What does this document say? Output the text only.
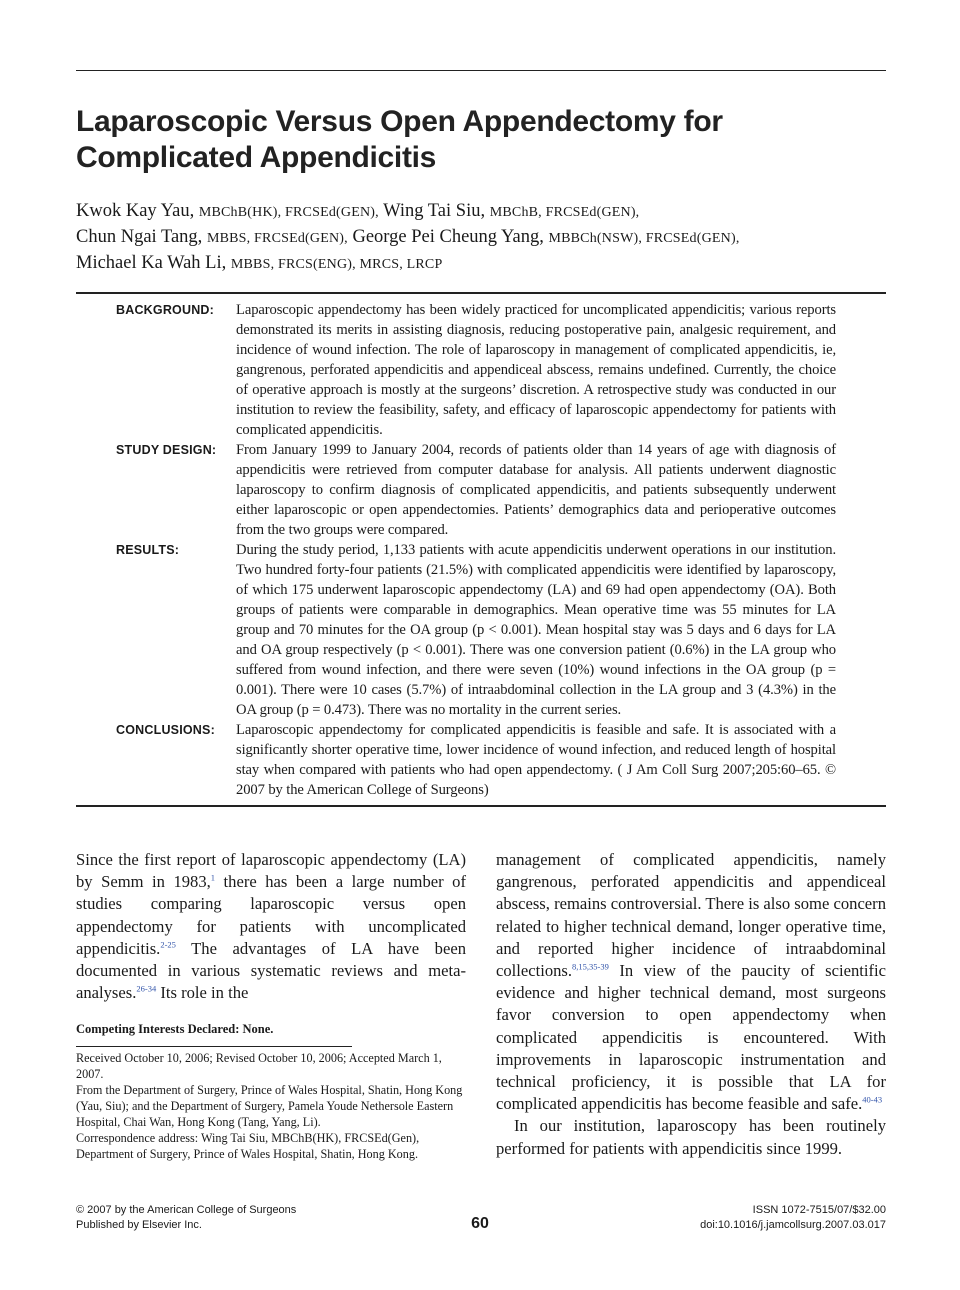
Laparoscopic Versus Open Appendectomy for
Complicated Appendicitis
Kwok Kay Yau, MBChB(HK), FRCSEd(GEN), Wing Tai Siu, MBChB, FRCSEd(GEN),
Chun Ngai Tang, MBBS, FRCSEd(GEN), George Pei Cheung Yang, MBBCh(NSW), FRCSEd(GEN),
Michael Ka Wah Li, MBBS, FRCS(ENG), MRCS, LRCP
BACKGROUND:	Laparoscopic appendectomy has been widely practiced for uncomplicated appendicitis; various reports demonstrated its merits in assisting diagnosis, reducing postoperative pain, analgesic requirement, and incidence of wound infection. The role of laparoscopy in management of complicated appendicitis, ie, gangrenous, perforated appendicitis and appendiceal abscess, remains undefined. Currently, the choice of operative approach is mostly at the surgeons’ discretion. A retrospective study was conducted in our institution to review the feasibility, safety, and efficacy of laparoscopic appendectomy for patients with complicated appendicitis.
STUDY DESIGN:	From January 1999 to January 2004, records of patients older than 14 years of age with diagnosis of appendicitis were retrieved from computer database for analysis. All patients underwent diagnostic laparoscopy to confirm diagnosis of complicated appendicitis, and patients subsequently underwent either laparoscopic or open appendectomies. Patients’ demographics data and perioperative outcomes from the two groups were compared.
RESULTS:	During the study period, 1,133 patients with acute appendicitis underwent operations in our institution. Two hundred forty-four patients (21.5%) with complicated appendicitis were identified by laparoscopy, of which 175 underwent laparoscopic appendectomy (LA) and 69 had open appendectomy (OA). Both groups of patients were comparable in demographics. Mean operative time was 55 minutes for LA group and 70 minutes for the OA group (p < 0.001). Mean hospital stay was 5 days and 6 days for LA and OA group respectively (p < 0.001). There was one conversion patient (0.6%) in the LA group who suffered from wound infection, and there were seven (10%) wound infections in the OA group (p = 0.001). There were 10 cases (5.7%) of intraabdominal collection in the LA group and 3 (4.3%) in the OA group (p = 0.473). There was no mortality in the current series.
CONCLUSIONS:	Laparoscopic appendectomy for complicated appendicitis is feasible and safe. It is associated with a significantly shorter operative time, lower incidence of wound infection, and reduced length of hospital stay when compared with patients who had open appendectomy. ( J Am Coll Surg 2007;205:60–65. © 2007 by the American College of Surgeons)

Since the first report of laparoscopic appendectomy (LA) by Semm in 1983,$^1$ there has been a large number of studies comparing laparoscopic versus open appendectomy for patients with uncomplicated appendicitis.$^{2-25}$ The advantages of LA have been documented in various systematic reviews and meta-analyses.$^{26-34}$ Its role in the

Competing Interests Declared: None.

Received October 10, 2006; Revised October 10, 2006; Accepted March 1, 2007.

From the Department of Surgery, Prince of Wales Hospital, Shatin, Hong Kong (Yau, Siu); and the Department of Surgery, Pamela Youde Nethersole Eastern Hospital, Chai Wan, Hong Kong (Tang, Yang, Li).

Correspondence address: Wing Tai Siu, MBChB(HK), FRCSEd(Gen), Department of Surgery, Prince of Wales Hospital, Shatin, Hong Kong.

management of complicated appendicitis, namely gangrenous, perforated appendicitis and appendiceal abscess, remains controversial. There is also some concern related to higher technical demand, longer operative time, and reported higher incidence of intraabdominal collections.$^{8,15,35-39}$ In view of the paucity of scientific evidence and higher technical demand, most surgeons favor conversion to open appendectomy when complicated appendicitis is encountered. With improvements in laparoscopic instrumentation and technical proficiency, it is possible that LA for complicated appendicitis has become feasible and safe.$^{40-43}$

In our institution, laparoscopy has been routinely performed for patients with appendicitis since 1999.

© 2007 by the American College of Surgeons
Published by Elsevier Inc.	60
ISSN 1072-7515/07/$32.00
doi:10.1016/j.jamcollsurg.2007.03.017
